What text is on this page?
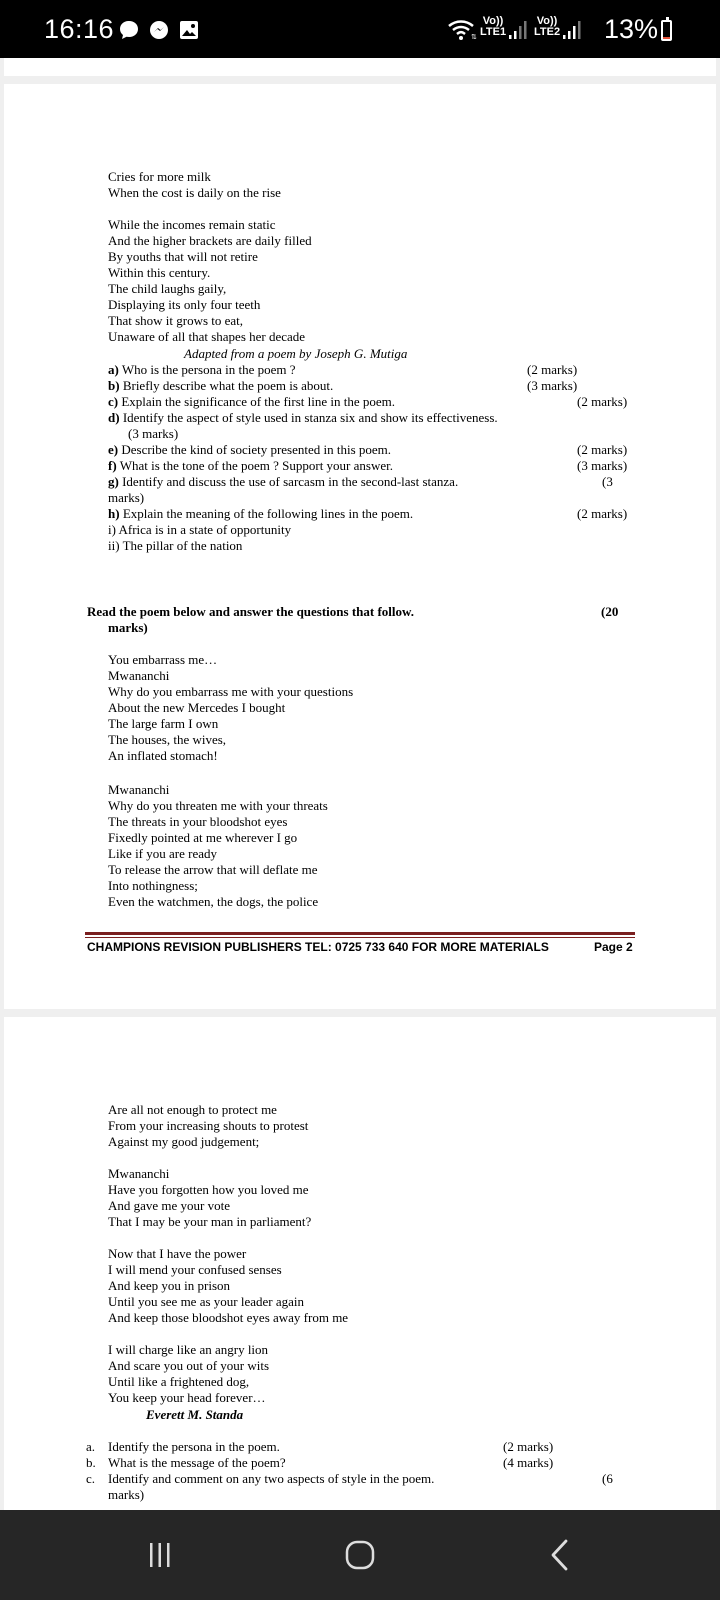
16:16	⇅
Vo))
LTE1
Vo))
LTE2 13%
Cries for more milk
When the cost is daily on the rise
While the incomes remain static
And the higher brackets are daily filled
By youths that will not retire
Within this century.
The child laughs gaily,
Displaying its only four teeth
That show it grows to eat,
Unaware of all that shapes her decade
Adapted from a poem by Joseph G. Mutiga
a) Who is the persona in the poem ?	(2 marks)
b) Briefly describe what the poem is about.	(3 marks)
c) Explain the significance of the first line in the poem.	(2 marks)
d) Identify the aspect of style used in stanza six and show its effectiveness.
(3 marks)
e) Describe the kind of society presented in this poem.	(2 marks)
f) What is the tone of the poem ? Support your answer.	(3 marks)
g) Identify and discuss the use of sarcasm in the second-last stanza.	(3
marks)
h) Explain the meaning of the following lines in the poem.	(2 marks)
i) Africa is in a state of opportunity
ii) The pillar of the nation
Read the poem below and answer the questions that follow.	(20
marks)
You embarrass me…
Mwananchi
Why do you embarrass me with your questions
About the new Mercedes I bought
The large farm I own
The houses, the wives,
An inflated stomach!
Mwananchi
Why do you threaten me with your threats
The threats in your bloodshot eyes
Fixedly pointed at me wherever I go
Like if you are ready
To release the arrow that will deflate me
Into nothingness;
Even the watchmen, the dogs, the police
CHAMPIONS REVISION PUBLISHERS TEL: 0725 733 640 FOR MORE MATERIALS	Page 2
Are all not enough to protect me
From your increasing shouts to protest
Against my good judgement;
Mwananchi
Have you forgotten how you loved me
And gave me your vote
That I may be your man in parliament?
Now that I have the power
I will mend your confused senses
And keep you in prison
Until you see me as your leader again
And keep those bloodshot eyes away from me
I will charge like an angry lion
And scare you out of your wits
Until like a frightened dog,
You keep your head forever…
Everett M. Standa
a. Identify the persona in the poem.	(2 marks)
b. What is the message of the poem?	(4 marks)
c. Identify and comment on any two aspects of style in the poem.	(6
marks)
